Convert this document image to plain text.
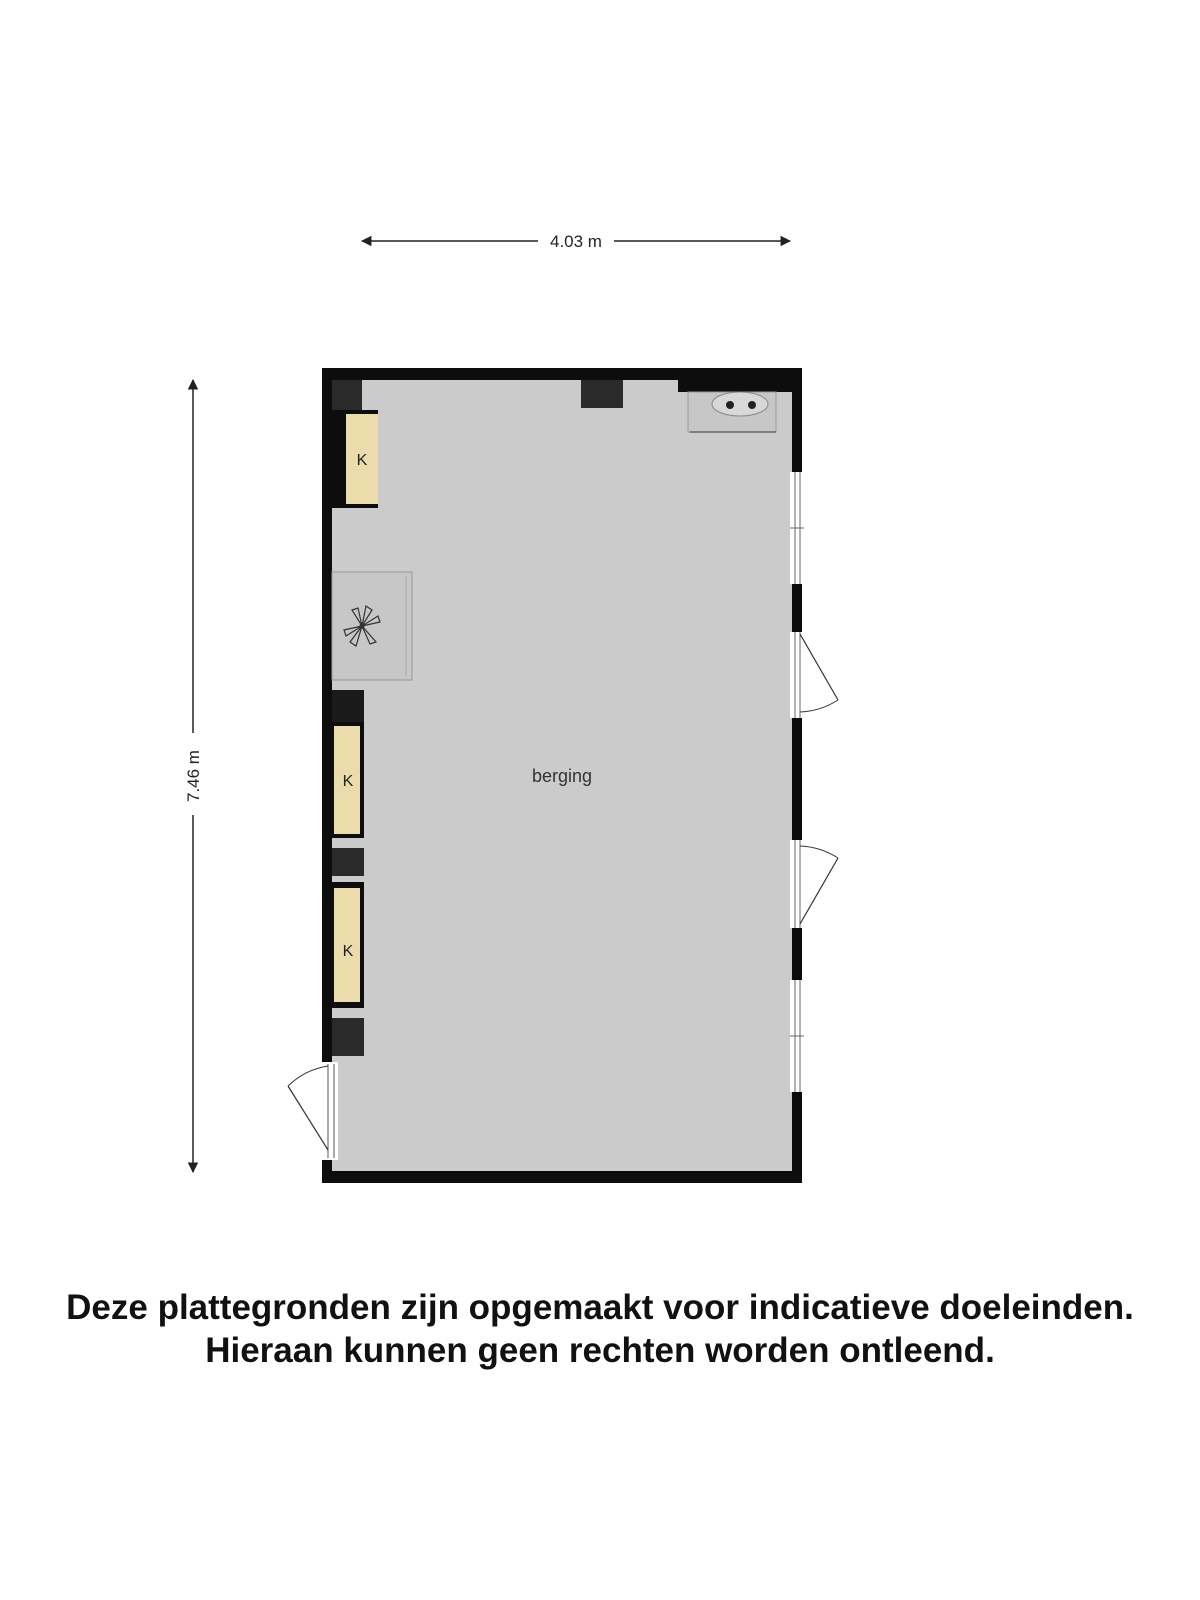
4.03 m
7.46 m
K
K
K
berging
Deze plattegronden zijn opgemaakt voor indicatieve doeleinden.
Hieraan kunnen geen rechten worden ontleend.
